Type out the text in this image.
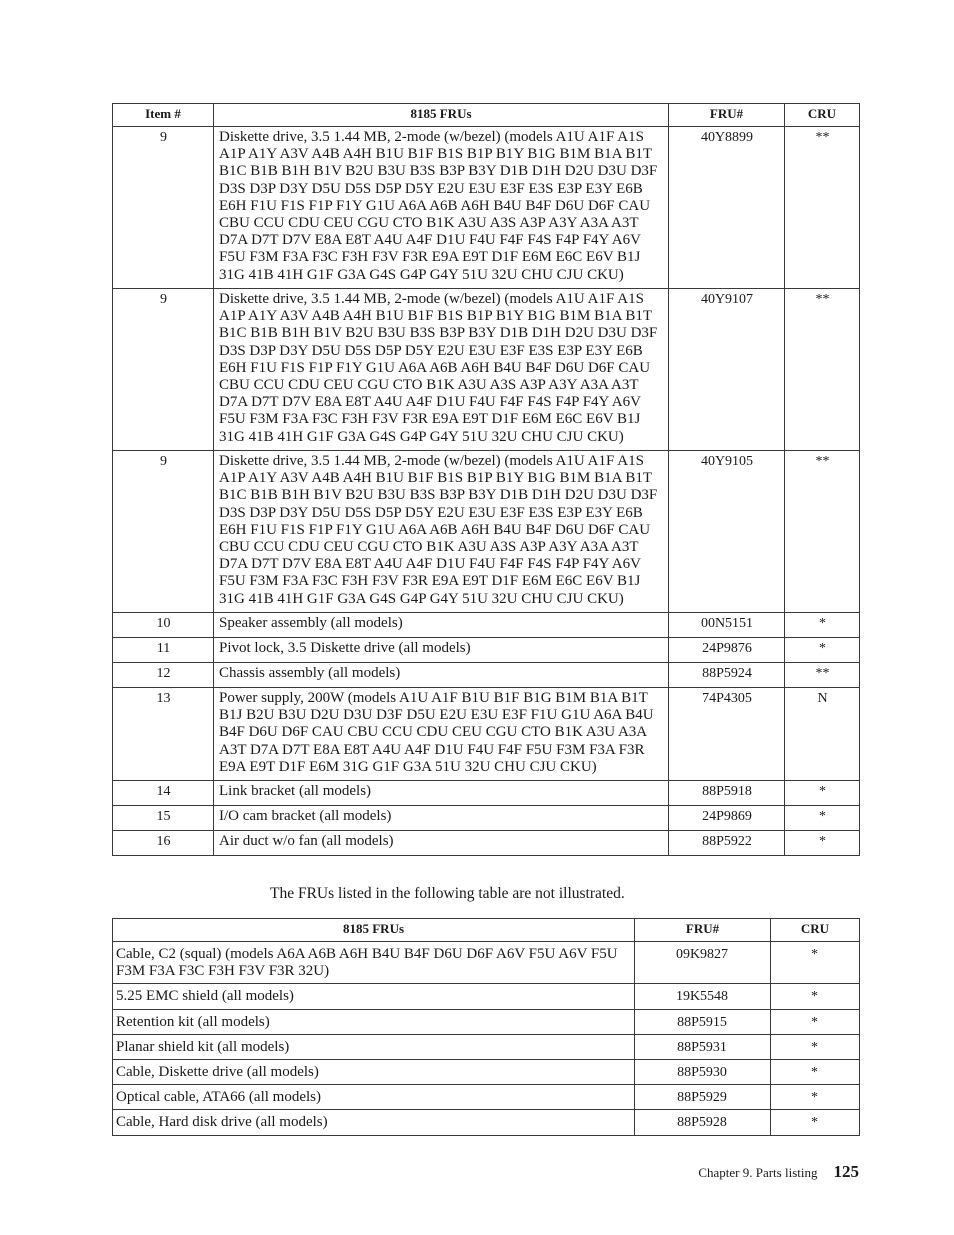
Item #	8185 FRUs	FRU#	CRU
9	Diskette drive, 3.5 1.44 MB, 2-mode (w/bezel) (models A1U A1F A1S A1P A1Y A3V A4B A4H B1U B1F B1S B1P B1Y B1G B1M B1A B1T B1C B1B B1H B1V B2U B3U B3S B3P B3Y D1B D1H D2U D3U D3F D3S D3P D3Y D5U D5S D5P D5Y E2U E3U E3F E3S E3P E3Y E6B E6H F1U F1S F1P F1Y G1U A6A A6B A6H B4U B4F D6U D6F CAU CBU CCU CDU CEU CGU CTO B1K A3U A3S A3P A3Y A3A A3T D7A D7T D7V E8A E8T A4U A4F D1U F4U F4F F4S F4P F4Y A6V F5U F3M F3A F3C F3H F3V F3R E9A E9T D1F E6M E6C E6V B1J 31G 41B 41H G1F G3A G4S G4P G4Y 51U 32U CHU CJU CKU)	40Y8899	**
9	Diskette drive, 3.5 1.44 MB, 2-mode (w/bezel) (models A1U A1F A1S A1P A1Y A3V A4B A4H B1U B1F B1S B1P B1Y B1G B1M B1A B1T B1C B1B B1H B1V B2U B3U B3S B3P B3Y D1B D1H D2U D3U D3F D3S D3P D3Y D5U D5S D5P D5Y E2U E3U E3F E3S E3P E3Y E6B E6H F1U F1S F1P F1Y G1U A6A A6B A6H B4U B4F D6U D6F CAU CBU CCU CDU CEU CGU CTO B1K A3U A3S A3P A3Y A3A A3T D7A D7T D7V E8A E8T A4U A4F D1U F4U F4F F4S F4P F4Y A6V F5U F3M F3A F3C F3H F3V F3R E9A E9T D1F E6M E6C E6V B1J 31G 41B 41H G1F G3A G4S G4P G4Y 51U 32U CHU CJU CKU)	40Y9107	**
9	Diskette drive, 3.5 1.44 MB, 2-mode (w/bezel) (models A1U A1F A1S A1P A1Y A3V A4B A4H B1U B1F B1S B1P B1Y B1G B1M B1A B1T B1C B1B B1H B1V B2U B3U B3S B3P B3Y D1B D1H D2U D3U D3F D3S D3P D3Y D5U D5S D5P D5Y E2U E3U E3F E3S E3P E3Y E6B E6H F1U F1S F1P F1Y G1U A6A A6B A6H B4U B4F D6U D6F CAU CBU CCU CDU CEU CGU CTO B1K A3U A3S A3P A3Y A3A A3T D7A D7T D7V E8A E8T A4U A4F D1U F4U F4F F4S F4P F4Y A6V F5U F3M F3A F3C F3H F3V F3R E9A E9T D1F E6M E6C E6V B1J 31G 41B 41H G1F G3A G4S G4P G4Y 51U 32U CHU CJU CKU)	40Y9105	**
10	Speaker assembly (all models)	00N5151	*
11	Pivot lock, 3.5 Diskette drive (all models)	24P9876	*
12	Chassis assembly (all models)	88P5924	**
13	Power supply, 200W (models A1U A1F B1U B1F B1G B1M B1A B1T B1J B2U B3U D2U D3U D3F D5U E2U E3U E3F F1U G1U A6A B4U B4F D6U D6F CAU CBU CCU CDU CEU CGU CTO B1K A3U A3A A3T D7A D7T E8A E8T A4U A4F D1U F4U F4F F5U F3M F3A F3R E9A E9T D1F E6M 31G G1F G3A 51U 32U CHU CJU CKU)	74P4305	N
14	Link bracket (all models)	88P5918	*
15	I/O cam bracket (all models)	24P9869	*
16	Air duct w/o fan (all models)	88P5922	*
The FRUs listed in the following table are not illustrated.
8185 FRUs	FRU#	CRU
Cable, C2 (squal) (models A6A A6B A6H B4U B4F D6U D6F A6V F5U A6V F5U F3M F3A F3C F3H F3V F3R 32U)	09K9827	*
5.25 EMC shield (all models)	19K5548	*
Retention kit (all models)	88P5915	*
Planar shield kit (all models)	88P5931	*
Cable, Diskette drive (all models)	88P5930	*
Optical cable, ATA66 (all models)	88P5929	*
Cable, Hard disk drive (all models)	88P5928	*
Chapter 9. Parts listing 125
